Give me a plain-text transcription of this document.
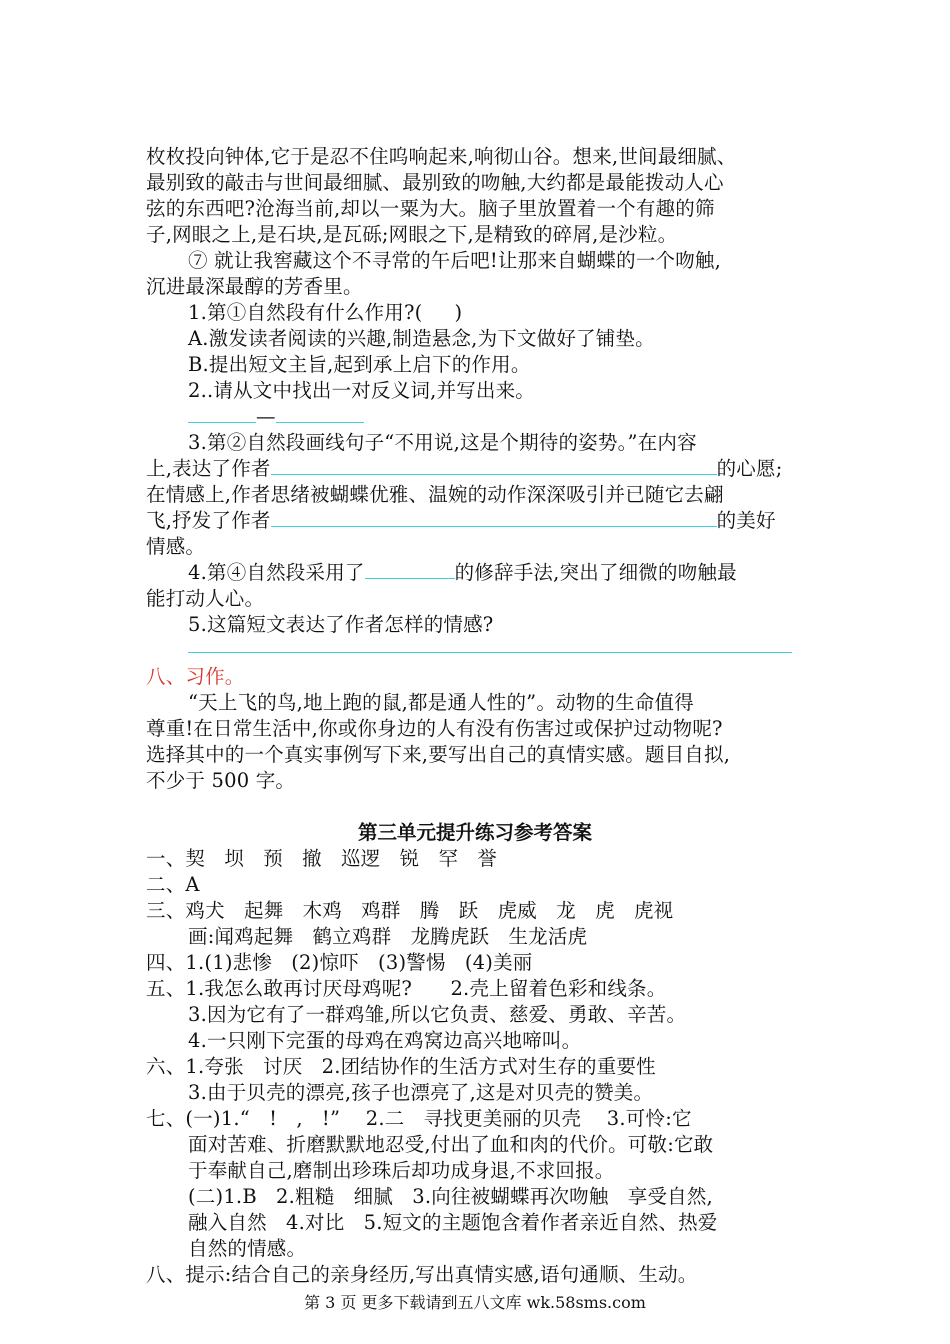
枚枚投向钟体,它于是忍不住呜响起来,响彻山谷。想来,世间最细腻、
最别致的敲击与世间最细腻、最别致的吻触,大约都是最能拨动人心
弦的东西吧?沧海当前,却以一粟为大。脑子里放置着一个有趣的筛
子,网眼之上,是石块,是瓦砾;网眼之下,是精致的碎屑,是沙粒。
⑦ 就让我窖藏这个不寻常的午后吧!让那来自蝴蝶的一个吻触,
沉进最深最醇的芳香里。
1.第①自然段有什么作用?(     )
A.激发读者阅读的兴趣,制造悬念,为下文做好了铺垫。
B.提出短文主旨,起到承上启下的作用。
2..请从文中找出一对反义词,并写出来。
—
3.第②自然段画线句子“不用说,这是个期待的姿势。”在内容
上,表达了作者	的心愿;
在情感上,作者思绪被蝴蝶优雅、温婉的动作深深吸引并已随它去翩
飞,抒发了作者	的美好
情感。
4.第④自然段采用了	的修辞手法,突出了细微的吻触最
能打动人心。
5.这篇短文表达了作者怎样的情感?
八、习作。
“天上飞的鸟,地上跑的鼠,都是通人性的”。动物的生命值得
尊重!在日常生活中,你或你身边的人有没有伤害过或保护过动物呢?
选择其中的一个真实事例写下来,要写出自己的真情实感。题目自拟,
不少于 500 字。
第三单元提升练习参考答案
一、契   坝   预   撤   巡逻   锐   罕   誉
二、A
三、鸡犬   起舞   木鸡   鸡群   腾   跃   虎威   龙   虎   虎视
画:闻鸡起舞   鹤立鸡群   龙腾虎跃   生龙活虎
四、1.(1)悲惨   (2)惊吓   (3)警惕   (4)美丽
五、1.我怎么敢再讨厌母鸡呢?      2.壳上留着色彩和线条。
3.因为它有了一群鸡雏,所以它负责、慈爱、勇敢、辛苦。
4.一只刚下完蛋的母鸡在鸡窝边高兴地啼叫。
六、1.夸张   讨厌   2.团结协作的生活方式对生存的重要性
3.由于贝壳的漂亮,孩子也漂亮了,这是对贝壳的赞美。
七、(一)1.“   !   ,   !”    2.二   寻找更美丽的贝壳    3.可怜:它
面对苦难、折磨默默地忍受,付出了血和肉的代价。可敬:它敢
于奉献自己,磨制出珍珠后却功成身退,不求回报。
(二)1.B   2.粗糙   细腻   3.向往被蝴蝶再次吻触   享受自然,
融入自然   4.对比   5.短文的主题饱含着作者亲近自然、热爱
自然的情感。
八、提示:结合自己的亲身经历,写出真情实感,语句通顺、生动。
第 3 页 更多下载请到五八文库 wk.58sms.com
